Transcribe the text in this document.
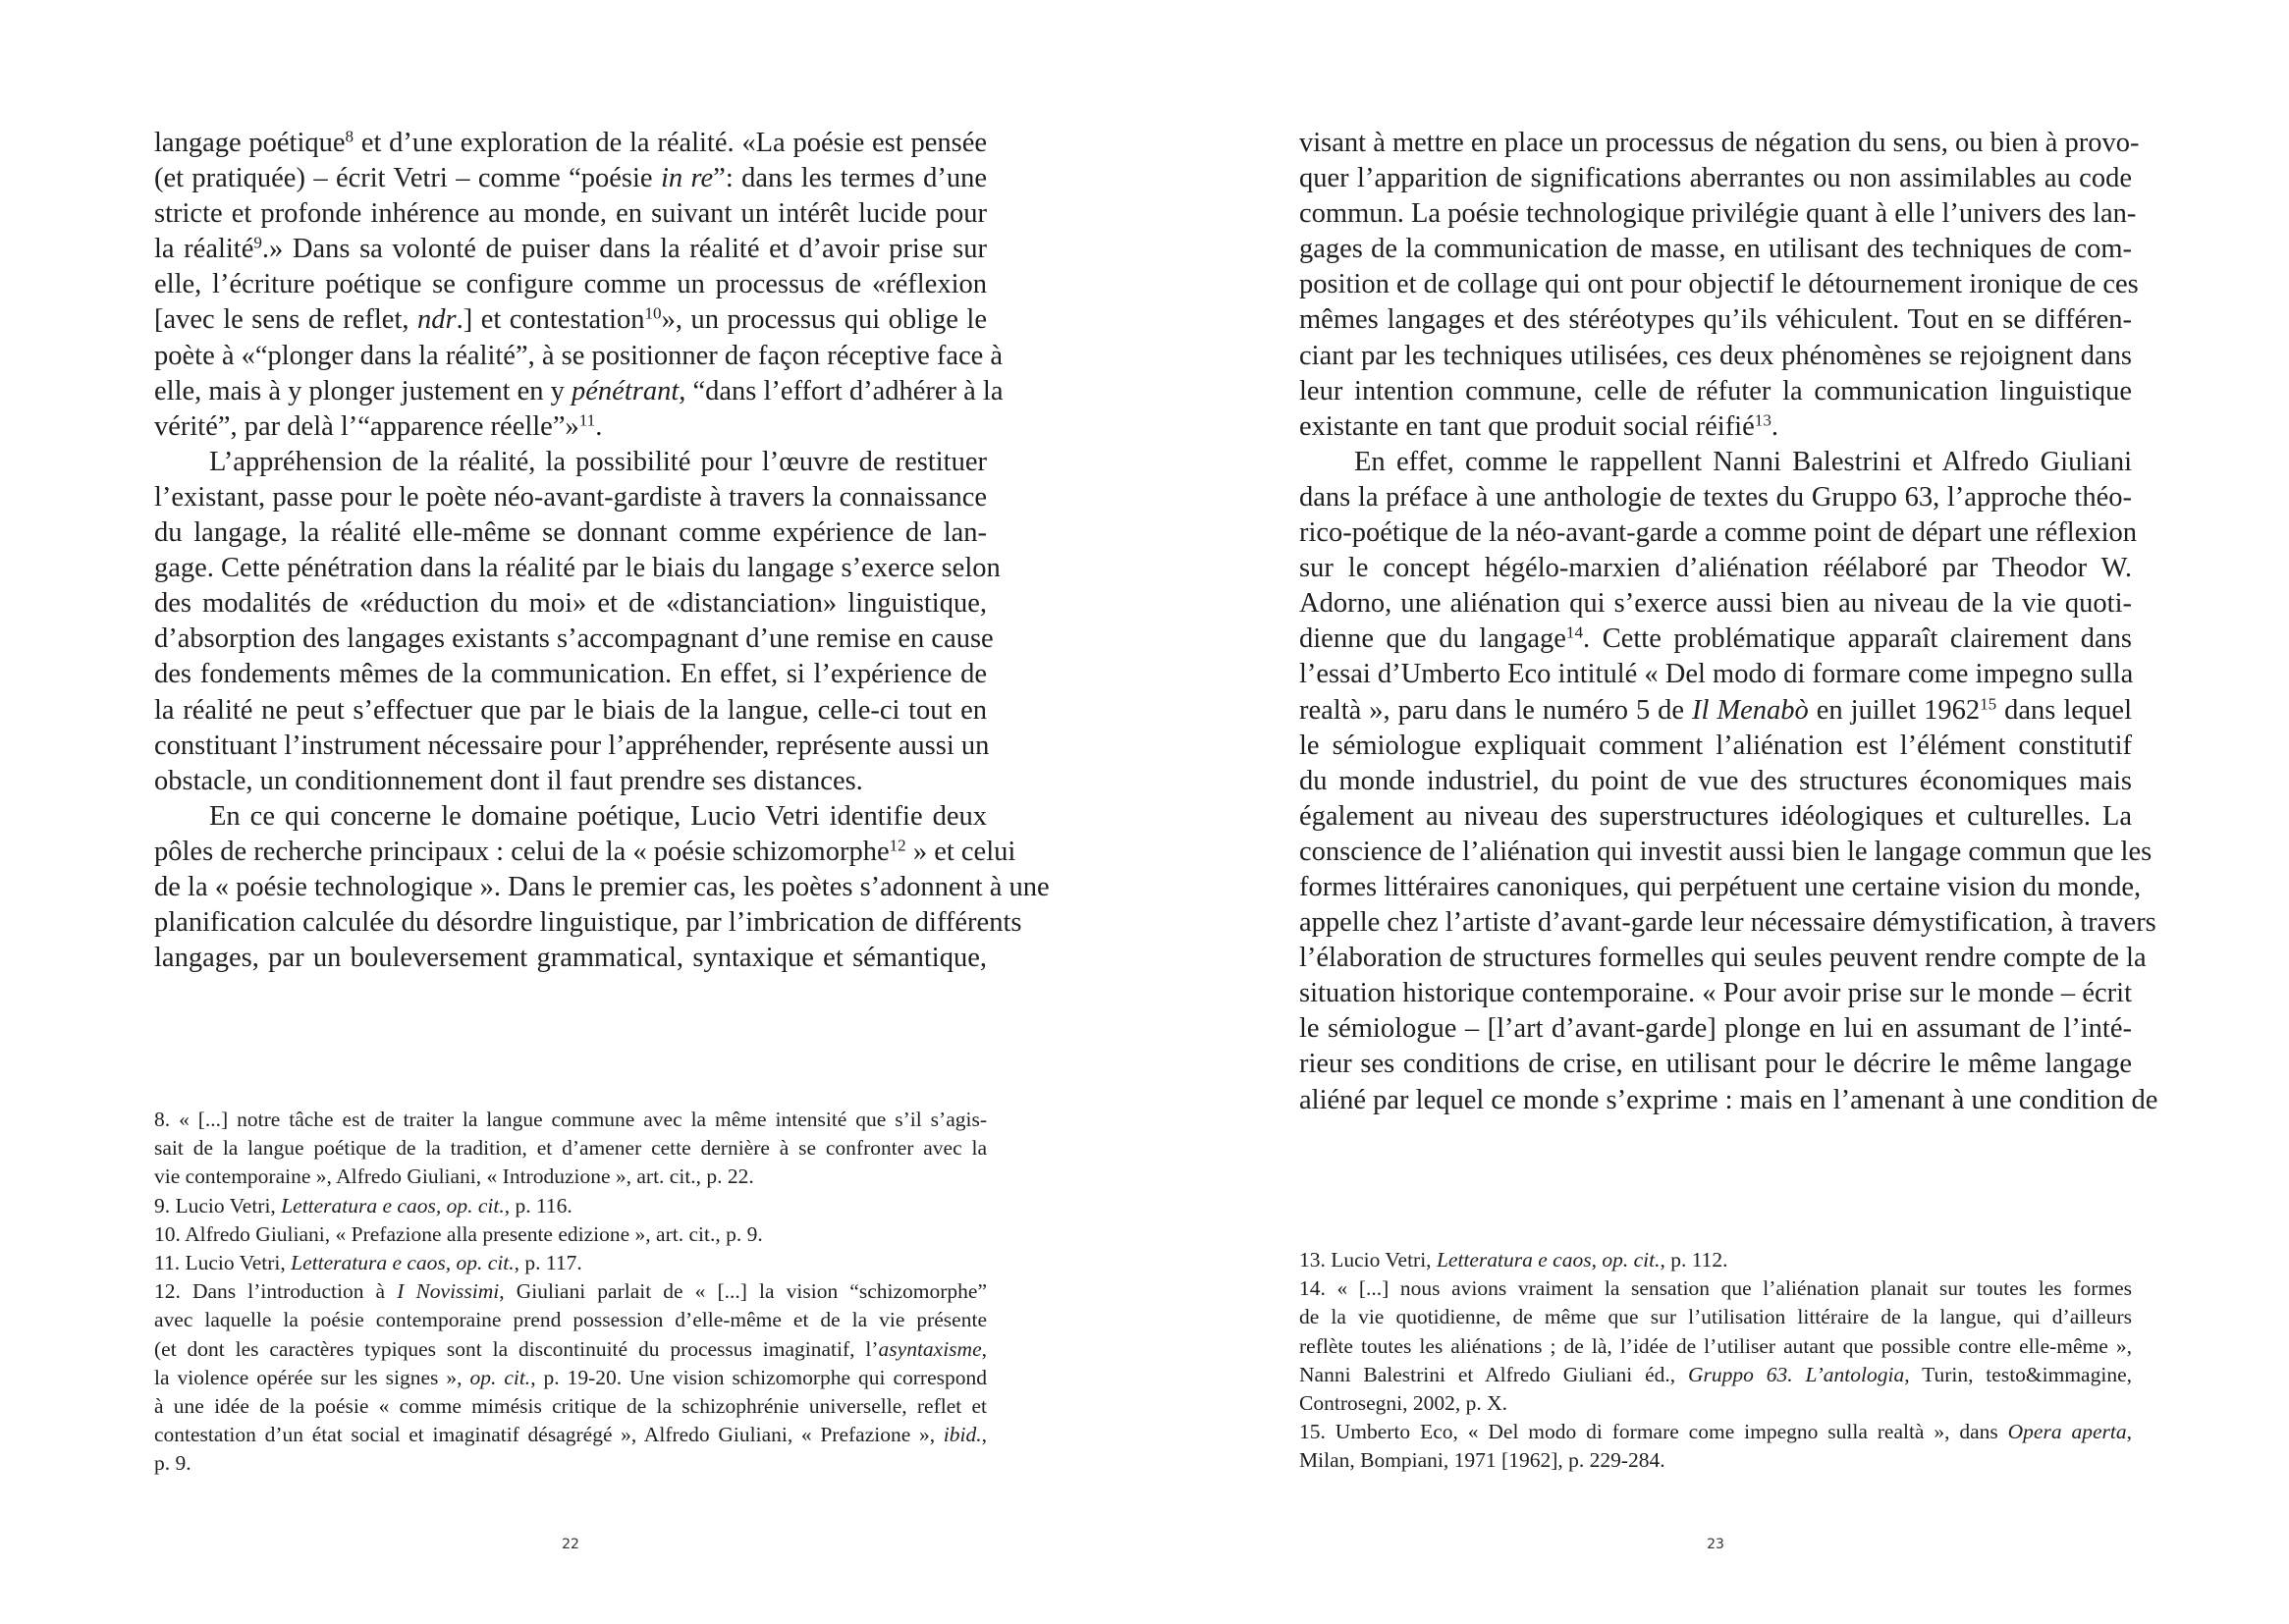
langage poétique$^8$ et d’une exploration de la réalité. «La poésie est pensée
(et pratiquée) – écrit Vetri – comme “poésie in re”: dans les termes d’une
stricte et profonde inhérence au monde, en suivant un intérêt lucide pour
la réalité$^9$.» Dans sa volonté de puiser dans la réalité et d’avoir prise sur
elle, l’écriture poétique se configure comme un processus de «réflexion
[avec le sens de reflet, ndr.] et contestation$^{10}$», un processus qui oblige le
poète à «“plonger dans la réalité”, à se positionner de façon réceptive face à
elle, mais à y plonger justement en y pénétrant, “dans l’effort d’adhérer à la
vérité”, par delà l’“apparence réelle”»$^{11}$.
L’appréhension de la réalité, la possibilité pour l’œuvre de restituer
l’existant, passe pour le poète néo-avant-gardiste à travers la connaissance
du langage, la réalité elle-même se donnant comme expérience de lan-
gage. Cette pénétration dans la réalité par le biais du langage s’exerce selon
des modalités de «réduction du moi» et de «distanciation» linguistique,
d’absorption des langages existants s’accompagnant d’une remise en cause
des fondements mêmes de la communication. En effet, si l’expérience de
la réalité ne peut s’effectuer que par le biais de la langue, celle-ci tout en
constituant l’instrument nécessaire pour l’appréhender, représente aussi un
obstacle, un conditionnement dont il faut prendre ses distances.
En ce qui concerne le domaine poétique, Lucio Vetri identifie deux
pôles de recherche principaux : celui de la « poésie schizomorphe$^{12}$ » et celui
de la « poésie technologique ». Dans le premier cas, les poètes s’adonnent à une
planification calculée du désordre linguistique, par l’imbrication de différents
langages, par un bouleversement grammatical, syntaxique et sémantique,
8. « [...] notre tâche est de traiter la langue commune avec la même intensité que s’il s’agis-
sait de la langue poétique de la tradition, et d’amener cette dernière à se confronter avec la
vie contemporaine », Alfredo Giuliani, « Introduzione », art. cit., p. 22.
9. Lucio Vetri, Letteratura e caos, op. cit., p. 116.
10. Alfredo Giuliani, « Prefazione alla presente edizione », art. cit., p. 9.
11. Lucio Vetri, Letteratura e caos, op. cit., p. 117.
12. Dans l’introduction à I Novissimi, Giuliani parlait de « [...] la vision “schizomorphe”
avec laquelle la poésie contemporaine prend possession d’elle-même et de la vie présente
(et dont les caractères typiques sont la discontinuité du processus imaginatif, l’asyntaxisme,
la violence opérée sur les signes », op. cit., p. 19-20. Une vision schizomorphe qui correspond
à une idée de la poésie « comme mimésis critique de la schizophrénie universelle, reflet et
contestation d’un état social et imaginatif désagrégé », Alfredo Giuliani, « Prefazione », ibid.,
p. 9.
22
visant à mettre en place un processus de négation du sens, ou bien à provo-
quer l’apparition de significations aberrantes ou non assimilables au code
commun. La poésie technologique privilégie quant à elle l’univers des lan-
gages de la communication de masse, en utilisant des techniques de com-
position et de collage qui ont pour objectif le détournement ironique de ces
mêmes langages et des stéréotypes qu’ils véhiculent. Tout en se différen-
ciant par les techniques utilisées, ces deux phénomènes se rejoignent dans
leur intention commune, celle de réfuter la communication linguistique
existante en tant que produit social réifié$^{13}$.
En effet, comme le rappellent Nanni Balestrini et Alfredo Giuliani
dans la préface à une anthologie de textes du Gruppo 63, l’approche théo-
rico-poétique de la néo-avant-garde a comme point de départ une réflexion
sur le concept hégélo-marxien d’aliénation réélaboré par Theodor W.
Adorno, une aliénation qui s’exerce aussi bien au niveau de la vie quoti-
dienne que du langage$^{14}$. Cette problématique apparaît clairement dans
l’essai d’Umberto Eco intitulé « Del modo di formare come impegno sulla
realtà », paru dans le numéro 5 de Il Menabò en juillet 1962$^{15}$ dans lequel
le sémiologue expliquait comment l’aliénation est l’élément constitutif
du monde industriel, du point de vue des structures économiques mais
également au niveau des superstructures idéologiques et culturelles. La
conscience de l’aliénation qui investit aussi bien le langage commun que les
formes littéraires canoniques, qui perpétuent une certaine vision du monde,
appelle chez l’artiste d’avant-garde leur nécessaire démystification, à travers
l’élaboration de structures formelles qui seules peuvent rendre compte de la
situation historique contemporaine. « Pour avoir prise sur le monde – écrit
le sémiologue – [l’art d’avant-garde] plonge en lui en assumant de l’inté-
rieur ses conditions de crise, en utilisant pour le décrire le même langage
aliéné par lequel ce monde s’exprime : mais en l’amenant à une condition de
13. Lucio Vetri, Letteratura e caos, op. cit., p. 112.
14. « [...] nous avions vraiment la sensation que l’aliénation planait sur toutes les formes
de la vie quotidienne, de même que sur l’utilisation littéraire de la langue, qui d’ailleurs
reflète toutes les aliénations ; de là, l’idée de l’utiliser autant que possible contre elle-même »,
Nanni Balestrini et Alfredo Giuliani éd., Gruppo 63. L’antologia, Turin, testo&immagine,
Controsegni, 2002, p. X.
15. Umberto Eco, « Del modo di formare come impegno sulla realtà », dans Opera aperta,
Milan, Bompiani, 1971 [1962], p. 229-284.
23
